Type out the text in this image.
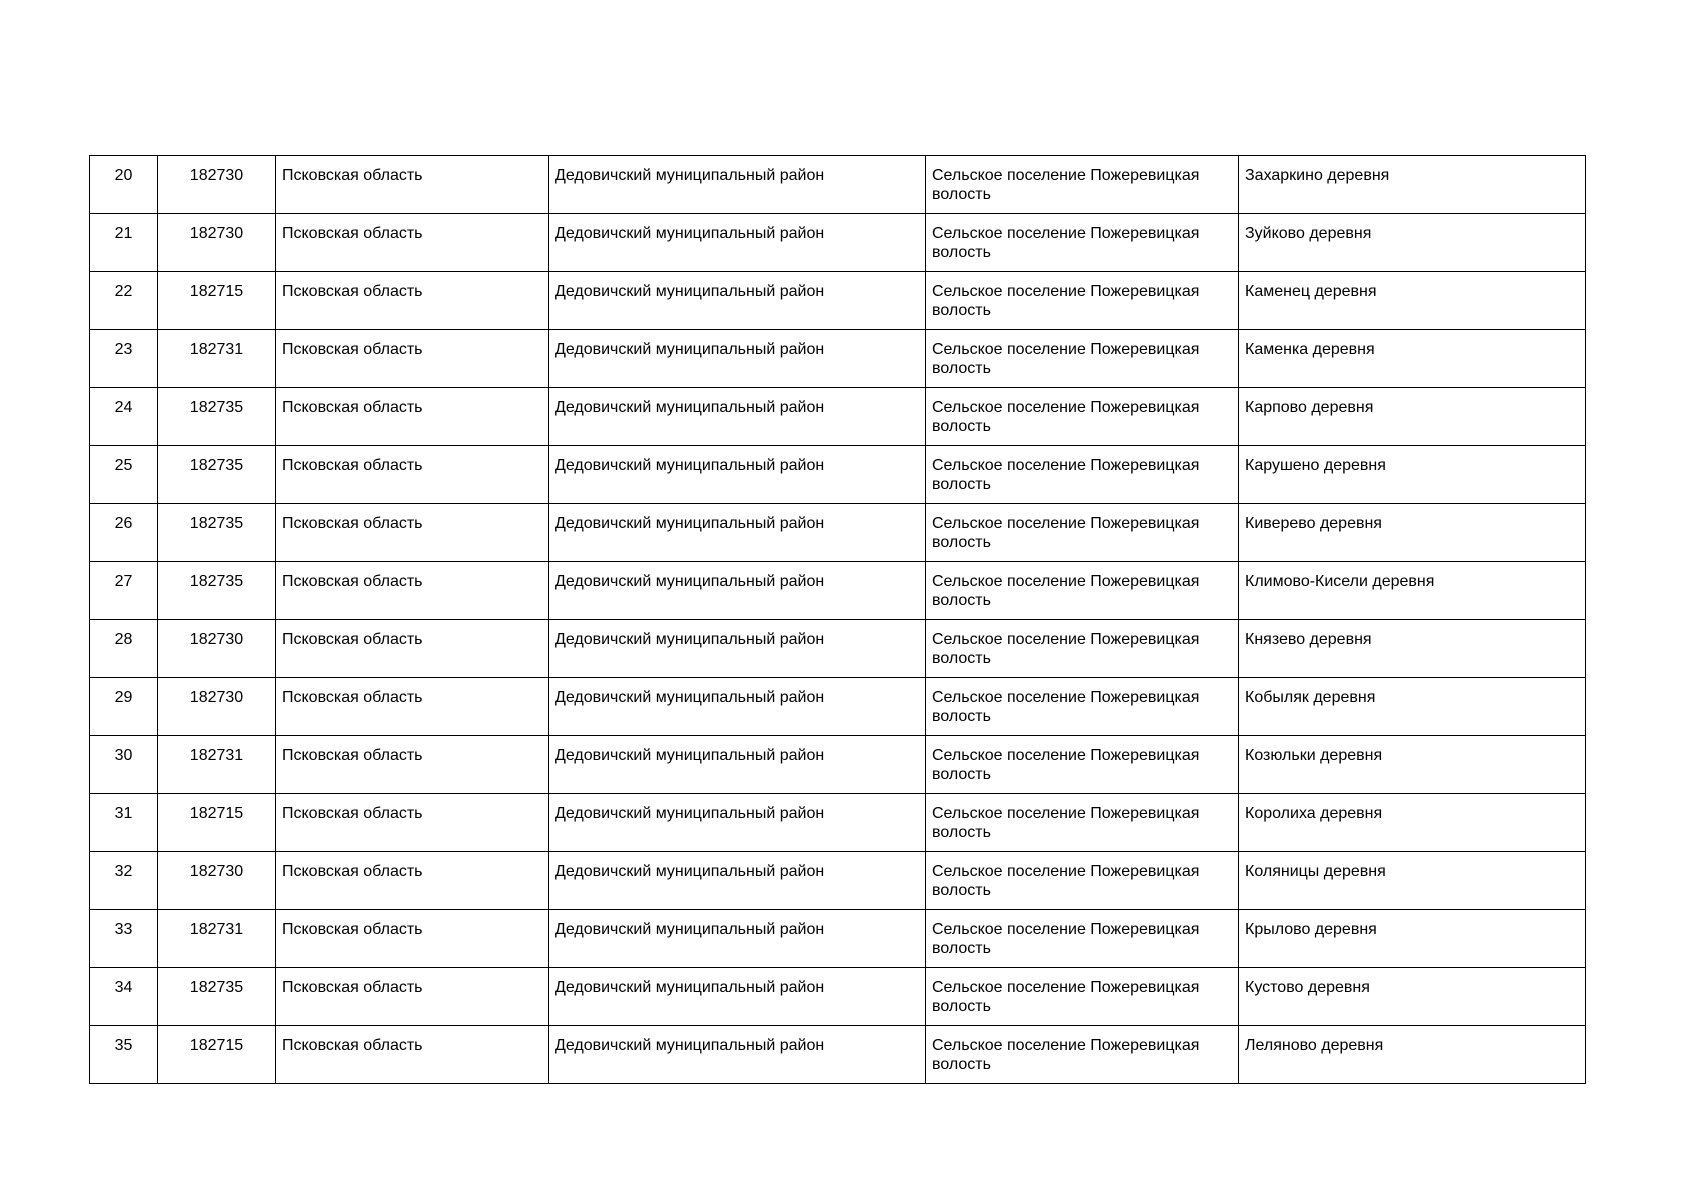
20	182730	Псковская область	Дедовичский муниципальный район	Сельское поселение Пожеревицкая волость	Захаркино деревня
21	182730	Псковская область	Дедовичский муниципальный район	Сельское поселение Пожеревицкая волость	Зуйково деревня
22	182715	Псковская область	Дедовичский муниципальный район	Сельское поселение Пожеревицкая волость	Каменец деревня
23	182731	Псковская область	Дедовичский муниципальный район	Сельское поселение Пожеревицкая волость	Каменка деревня
24	182735	Псковская область	Дедовичский муниципальный район	Сельское поселение Пожеревицкая волость	Карпово деревня
25	182735	Псковская область	Дедовичский муниципальный район	Сельское поселение Пожеревицкая волость	Карушено деревня
26	182735	Псковская область	Дедовичский муниципальный район	Сельское поселение Пожеревицкая волость	Киверево деревня
27	182735	Псковская область	Дедовичский муниципальный район	Сельское поселение Пожеревицкая волость	Климово-Кисели деревня
28	182730	Псковская область	Дедовичский муниципальный район	Сельское поселение Пожеревицкая волость	Князево деревня
29	182730	Псковская область	Дедовичский муниципальный район	Сельское поселение Пожеревицкая волость	Кобыляк деревня
30	182731	Псковская область	Дедовичский муниципальный район	Сельское поселение Пожеревицкая волость	Козюльки деревня
31	182715	Псковская область	Дедовичский муниципальный район	Сельское поселение Пожеревицкая волость	Королиха деревня
32	182730	Псковская область	Дедовичский муниципальный район	Сельское поселение Пожеревицкая волость	Коляницы деревня
33	182731	Псковская область	Дедовичский муниципальный район	Сельское поселение Пожеревицкая волость	Крылово деревня
34	182735	Псковская область	Дедовичский муниципальный район	Сельское поселение Пожеревицкая волость	Кустово деревня
35	182715	Псковская область	Дедовичский муниципальный район	Сельское поселение Пожеревицкая волость	Леляново деревня
